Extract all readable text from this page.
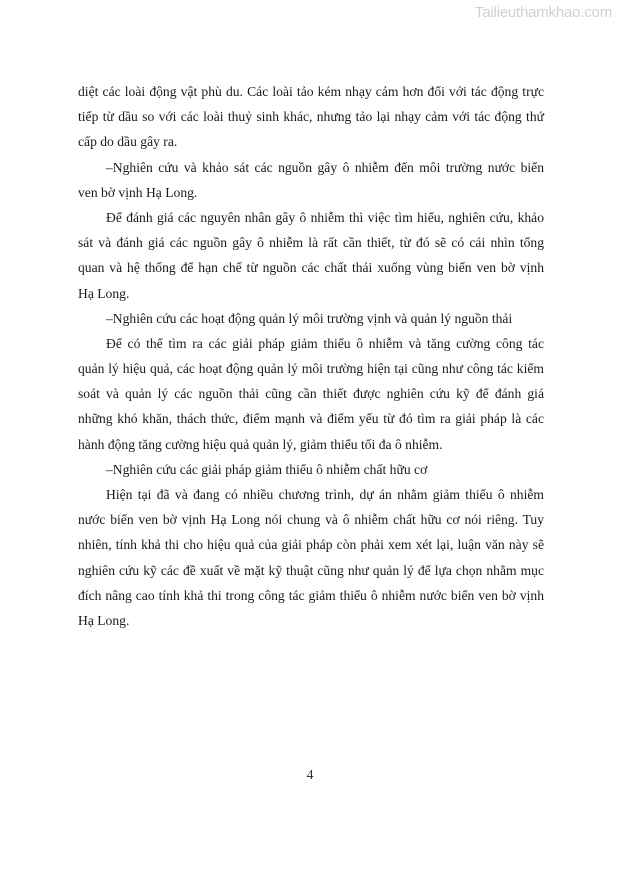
Tailieuthamkhao.com
diệt các loài động vật phù du. Các loài tảo kém nhạy cảm hơn đối với tác động trực
tiếp từ dầu so với các loài thuỷ sinh khác, nhưng tảo lại nhạy cảm với tác động thứ
cấp do dầu gây ra.
–Nghiên cứu và khảo sát các nguồn gây ô nhiễm đến môi trường nước biển
ven bờ vịnh Hạ Long.
Để đánh giá các nguyên nhân gây ô nhiễm thì việc tìm hiểu, nghiên cứu, khảo
sát và đánh giá các nguồn gây ô nhiễm là rất cần thiết, từ đó sẽ có cái nhìn tổng
quan và hệ thống để hạn chế từ nguồn các chất thải xuống vùng biển ven bờ vịnh
Hạ Long.
–Nghiên cứu các hoạt động quản lý môi trường vịnh và quản lý nguồn thải
Để có thể tìm ra các giải pháp giảm thiểu ô nhiễm và tăng cường công tác
quản lý hiệu quả, các hoạt động quản lý môi trường hiện tại cũng như công tác kiểm
soát và quản lý các nguồn thải cũng cần thiết được nghiên cứu kỹ để đánh giá
những khó khăn, thách thức, điểm mạnh và điểm yếu từ đó tìm ra giải pháp là các
hành động tăng cường hiệu quả quản lý, giảm thiểu tối đa ô nhiễm.
–Nghiên cứu các giải pháp giảm thiểu ô nhiễm chất hữu cơ
Hiện tại đã và đang có nhiều chương trình, dự án nhằm giảm thiểu ô nhiễm
nước biển ven bờ vịnh Hạ Long nói chung và ô nhiễm chất hữu cơ nói riêng. Tuy
nhiên, tính khả thi cho hiệu quả của giải pháp còn phải xem xét lại, luận văn này sẽ
nghiên cứu kỹ các đề xuất về mặt kỹ thuật cũng như quản lý để lựa chọn nhằm mục
đích nâng cao tính khả thi trong công tác giảm thiểu ô nhiễm nước biển ven bờ vịnh
Hạ Long.
4
